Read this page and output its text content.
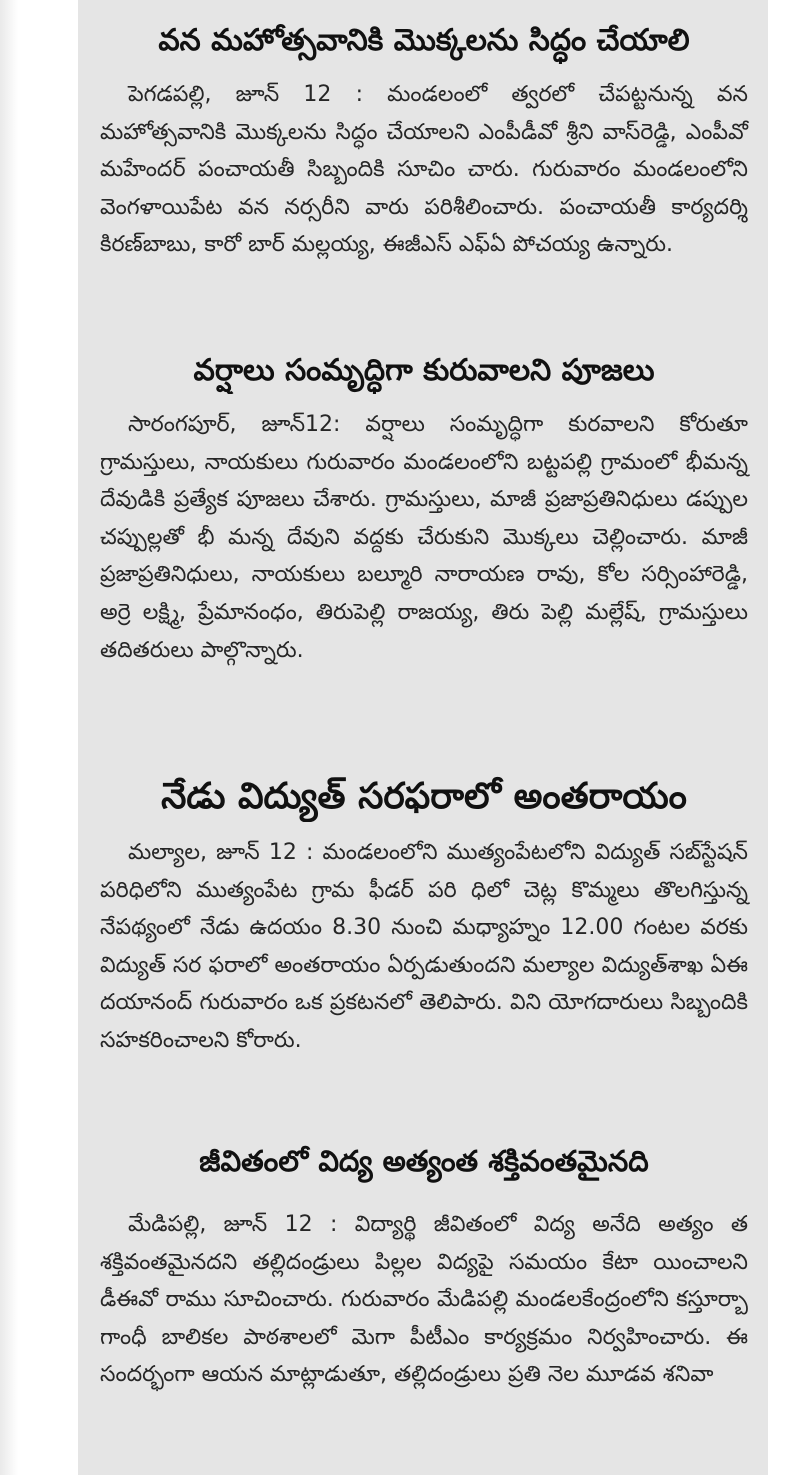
వన మహోత్సవానికి మొక్కలను సిద్ధం చేయాలి

పెగడపల్లి, జూన్ 12 : మండలంలో త్వరలో చేపట్టనున్న వన మహోత్సవానికి మొక్కలను సిద్ధం చేయాలని ఎంపీడీవో శ్రీని వాస్‌రెడ్డి, ఎంపీవో మహేందర్ పంచాయతీ సిబ్బందికి సూచిం చారు. గురువారం మండలంలోని వెంగళాయిపేట వన నర్సరీని వారు పరిశీలించారు. పంచాయతీ కార్యదర్శి కిరణ్‌బాబు, కారో బార్ మల్లయ్య, ఈజీఎస్ ఎఫ్ఏ పోచయ్య ఉన్నారు.

వర్షాలు సంమృద్ధిగా కురువాలని పూజలు

సారంగపూర్, జూన్12: వర్షాలు సంమృద్ధిగా కురవాలని కోరుతూ గ్రామస్తులు, నాయకులు గురువారం మండలంలోని బట్టపల్లి గ్రామంలో భీమన్న దేవుడికి ప్రత్యేక పూజలు చేశారు. గ్రామస్తులు, మాజీ ప్రజాప్రతినిధులు డప్పుల చప్పుల్లతో భీ మన్న దేవుని వద్దకు చేరుకుని మొక్కలు చెల్లించారు. మాజీ ప్రజాప్రతినిధులు, నాయకులు బల్మూరి నారాయణ రావు, కోల సర్సింహారెడ్డి, అర్రె లక్ష్మి, ప్రేమానంధం, తిరుపెల్లి రాజయ్య, తిరు పెల్లి మల్లేష్, గ్రామస్తులు తదితరులు పాల్గొన్నారు.

నేడు విద్యుత్ సరఫరాలో అంతరాయం

మల్యాల, జూన్ 12 : మండలంలోని ముత్యంపేటలోని విద్యుత్ సబ్‌స్టేషన్ పరిధిలోని ముత్యంపేట గ్రామ ఫీడర్ పరి ధిలో చెట్ల కొమ్మలు తొలగిస్తున్న నేపథ్యంలో నేడు ఉదయం 8.30 నుంచి మధ్యాహ్నం 12.00 గంటల వరకు విద్యుత్ సర ఫరాలో అంతరాయం ఏర్పడుతుందని మల్యాల విద్యుత్‌శాఖ ఏఈ దయానంద్ గురువారం ఒక ప్రకటనలో తెలిపారు. విని యోగదారులు సిబ్బందికి సహకరించాలని కోరారు.

జీవితంలో విద్య అత్యంత శక్తివంతమైనది

మేడిపల్లి, జూన్ 12 : విద్యార్థి జీవితంలో విద్య అనేది అత్యం త శక్తివంతమైనదని తల్లిదండ్రులు పిల్లల విద్యపై సమయం కేటా యించాలని డీఈవో రాము సూచించారు. గురువారం మేడిపల్లి మండలకేంద్రంలోని కస్తూర్బా గాంధీ బాలికల పాఠశాలలో మెగా పీటీఎం కార్యక్రమం నిర్వహించారు. ఈ సందర్భంగా ఆయన మాట్లాడుతూ, తల్లిదండ్రులు ప్రతి నెల మూడవ శనివా
